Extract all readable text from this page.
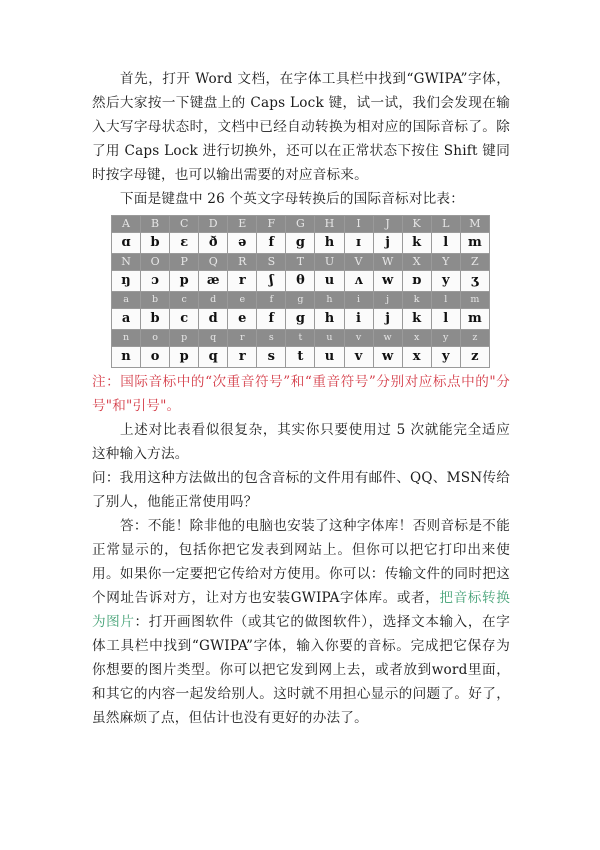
首先，打开 Word 文档，在字体工具栏中找到“GWIPA”字体，然后大家按一下键盘上的 Caps Lock 键，试一试，我们会发现在输入大写字母状态时，文档中已经自动转换为相对应的国际音标了。除了用 Caps Lock 进行切换外，还可以在正常状态下按住 Shift 键同时按字母键，也可以输出需要的对应音标来。

下面是键盘中 26 个英文字母转换后的国际音标对比表：

A	B	C	D	E	F	G	H	I	J	K	L	M
ɑ	b	ε	ð	ə	f	g	h	ɪ	j	k	l	m
N	O	P	Q	R	S	T	U	V	W	X	Y	Z
ŋ	ɔ	p	æ	r	ʃ	θ	u	ʌ	w	ɒ	y	ʒ
a	b	c	d	e	f	g	h	i	j	k	l	m
a	b	c	d	e	f	g	h	i	j	k	l	m
n	o	p	q	r	s	t	u	v	w	x	y	z
n	o	p	q	r	s	t	u	v	w	x	y	z

注：国际音标中的“次重音符号”和“重音符号”分别对应标点中的"分号"和"引号"。

上述对比表看似很复杂，其实你只要使用过 5 次就能完全适应这种输入方法。

问：我用这种方法做出的包含音标的文件用有邮件、QQ、MSN传给了别人，他能正常使用吗？

答：不能！除非他的电脑也安装了这种字体库！否则音标是不能正常显示的，包括你把它发表到网站上。但你可以把它打印出来使用。如果你一定要把它传给对方使用。你可以：传输文件的同时把这个网址告诉对方，让对方也安装GWIPA字体库。或者，把音标转换为图片：打开画图软件（或其它的做图软件），选择文本输入，在字体工具栏中找到“GWIPA”字体，输入你要的音标。完成把它保存为你想要的图片类型。你可以把它发到网上去，或者放到word里面，和其它的内容一起发给别人。这时就不用担心显示的问题了。好了，虽然麻烦了点，但估计也没有更好的办法了。
